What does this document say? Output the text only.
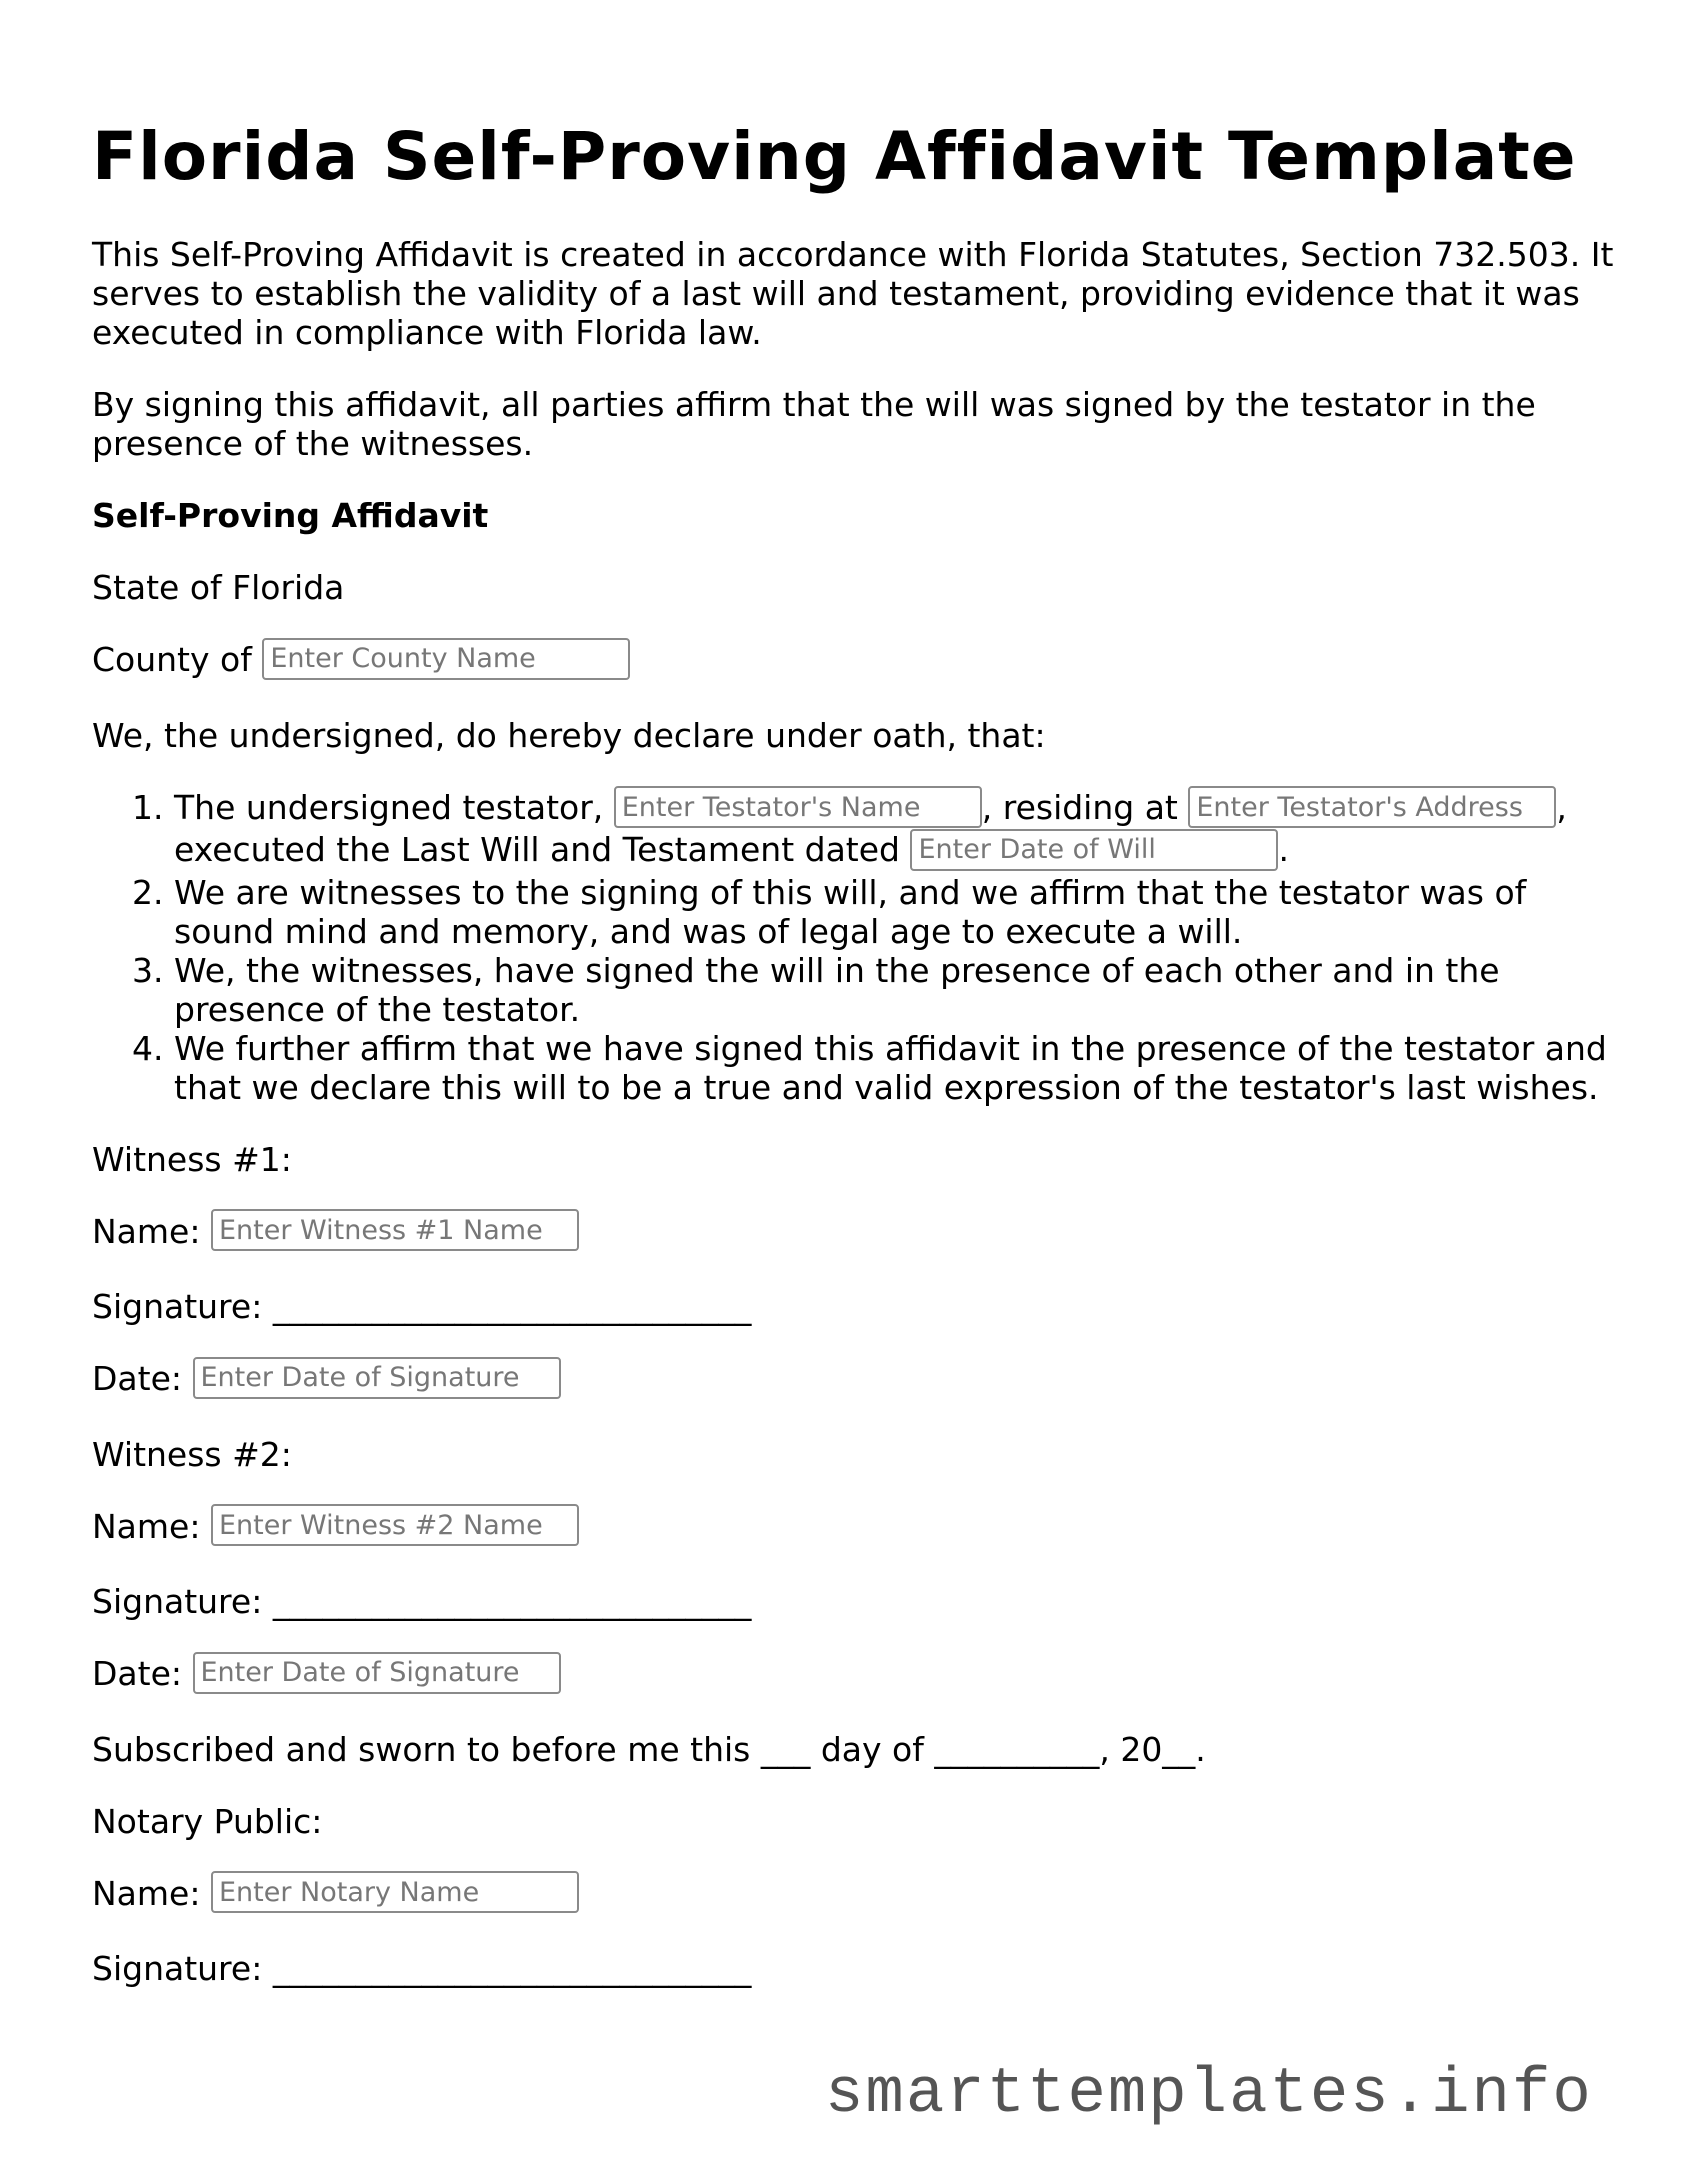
Florida Self-Proving Affidavit Template

This Self-Proving Affidavit is created in accordance with Florida Statutes, Section 732.503. It serves to establish the validity of a last will and testament, providing evidence that it was executed in compliance with Florida law.

By signing this affidavit, all parties affirm that the will was signed by the testator in the presence of the witnesses.

Self-Proving Affidavit

State of Florida

County of Enter County Name

We, the undersigned, do hereby declare under oath, that:

1. The undersigned testator, Enter Testator's Name	, residing at Enter Testator's Address	, executed the Last Will and Testament dated Enter Date of Will	.
2. We are witnesses to the signing of this will, and we affirm that the testator was of sound mind and memory, and was of legal age to execute a will.
3. We, the witnesses, have signed the will in the presence of each other and in the presence of the testator.
4. We further affirm that we have signed this affidavit in the presence of the testator and that we declare this will to be a true and valid expression of the testator's last wishes.

Witness #1:

Name: Enter Witness #1 Name

Signature: _____________________________

Date: Enter Date of Signature

Witness #2:

Name: Enter Witness #2 Name

Signature: _____________________________

Date: Enter Date of Signature

Subscribed and sworn to before me this ___ day of __________, 20__.

Notary Public:

Name: Enter Notary Name

Signature: _____________________________

smarttemplates.info
